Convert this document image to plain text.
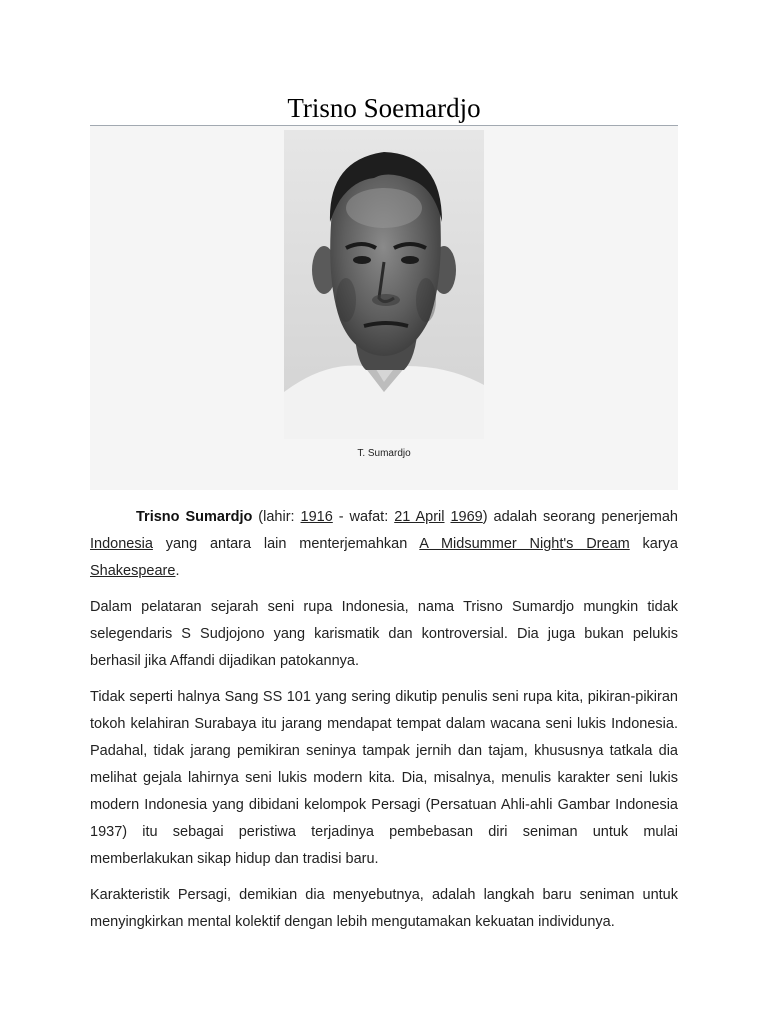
Trisno Soemardjo
T. Sumardjo

Trisno Sumardjo (lahir: 1916 - wafat: 21 April 1969) adalah seorang penerjemah Indonesia yang antara lain menterjemahkan A Midsummer Night's Dream karya Shakespeare.

Dalam pelataran sejarah seni rupa Indonesia, nama Trisno Sumardjo mungkin tidak selegendaris S Sudjojono yang karismatik dan kontroversial. Dia juga bukan pelukis berhasil jika Affandi dijadikan patokannya.

Tidak seperti halnya Sang SS 101 yang sering dikutip penulis seni rupa kita, pikiran-pikiran tokoh kelahiran Surabaya itu jarang mendapat tempat dalam wacana seni lukis Indonesia. Padahal, tidak jarang pemikiran seninya tampak jernih dan tajam, khususnya tatkala dia melihat gejala lahirnya seni lukis modern kita. Dia, misalnya, menulis karakter seni lukis modern Indonesia yang dibidani kelompok Persagi (Persatuan Ahli-ahli Gambar Indonesia 1937) itu sebagai peristiwa terjadinya pembebasan diri seniman untuk mulai memberlakukan sikap hidup dan tradisi baru.

Karakteristik Persagi, demikian dia menyebutnya, adalah langkah baru seniman untuk menyingkirkan mental kolektif dengan lebih mengutamakan kekuatan individunya.
